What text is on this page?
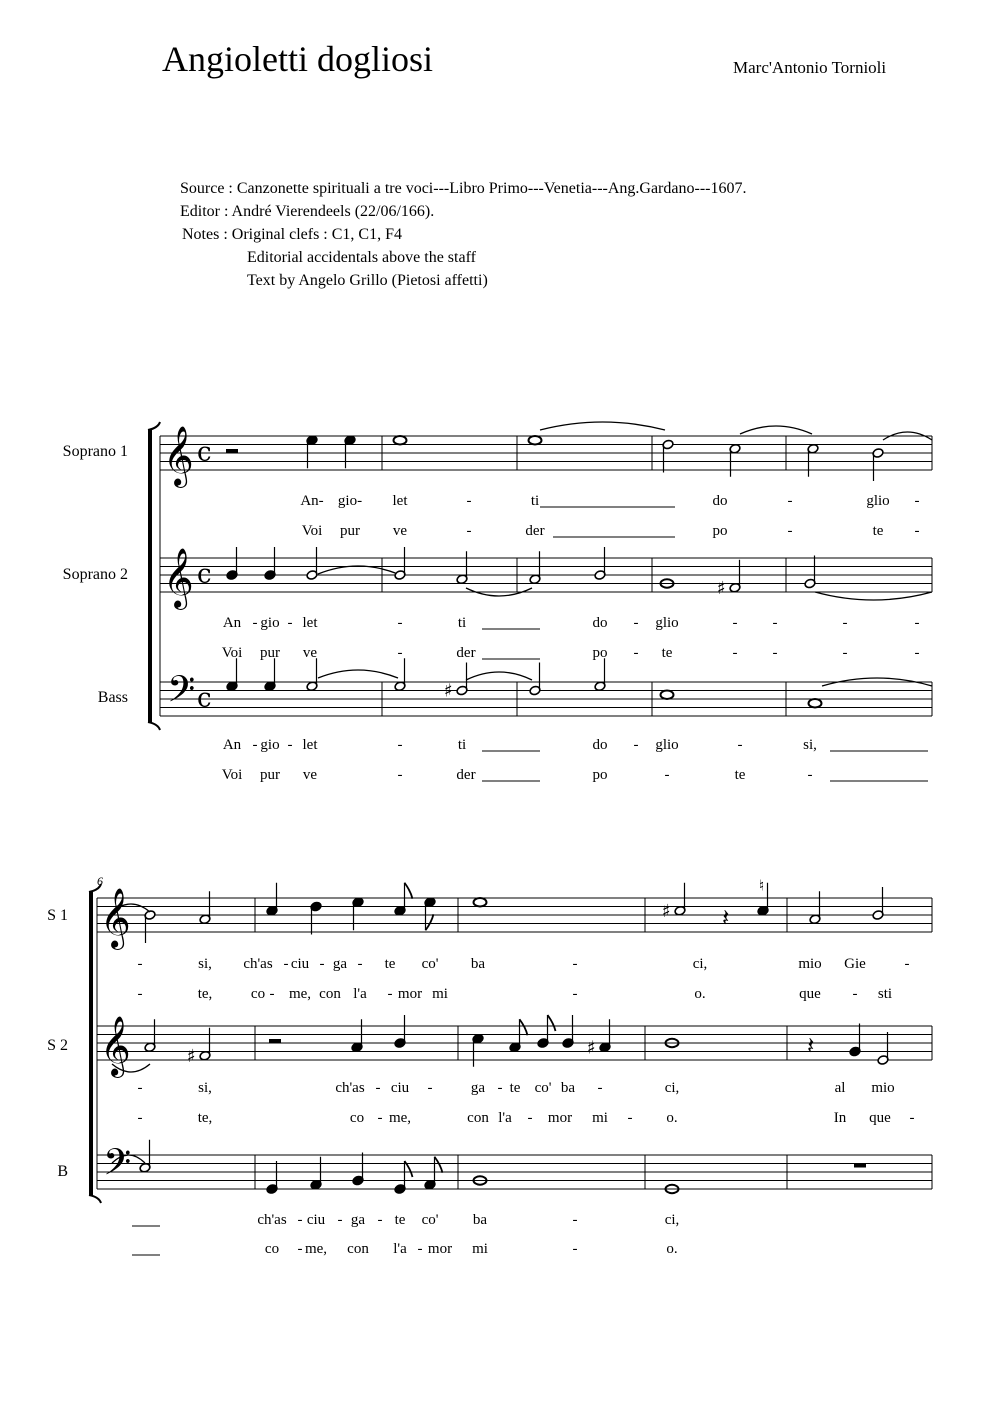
Angioletti dogliosi	Marc'Antonio Tornioli
Source : Canzonette spirituali a tre voci---Libro Primo---Venetia---Ang.Gardano---1607.
Editor : André Vierendeels (22/06/166).
Notes : Original clefs : C1, C1, F4
Editorial accidentals above the staff
Text by Angelo Grillo (Pietosi affetti)
Soprano 1
Soprano 2
Bass
S 1
S 2
B
𝄞
𝄞
𝄢
c
c
c
♯
♯
An- gio- let	-	ti	do	-	glio -
Voi pur ve	-	der	po	-	te -
An - gio - let	-	ti	do - glio	- -	-	-
Voi pur ve	-	der	po - te	- -	-	-
An - gio - let	-	ti	do - glio	-	si,
Voi pur ve	-	der	po	-	te	-
𝄞
𝄞
𝄢
6
♯ 𝄽
♮
♯	♯	𝄽
-	si, ch'as - ciu - ga - te co' ba	-	ci,	mio Gie	-
-	te,	co - me, con l'a - mor mi	-	o.	que - sti
-	si,	ch'as - ciu -	ga - te co' ba -	ci,	al mio
-	te,	co - me,	con l'a - mor mi - o.	In que -
ch'as - ciu - ga - te co' ba	-	ci,
co - me, con l'a - mor mi	-	o.
